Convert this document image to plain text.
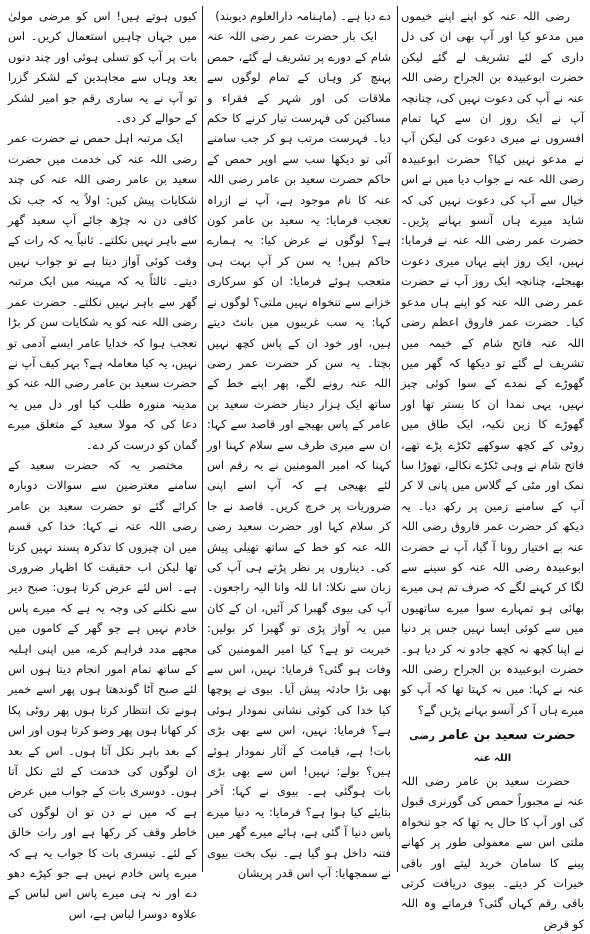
رضی اللہ عنہ کو اپنے اپنے خیموں میں مدعو کیا اور آپ بھی ان کی دل داری کے لئے تشریف لے گئے لیکن حضرت ابوعبیدہ بن الجراح رضی اللہ عنہ نے آپ کی دعوت نہیں کی، چنانچہ آپ نے ایک روز ان سے کہا تمام افسروں نے میری دعوت کی لیکن آپ نے مدعو نہیں کیا؟ حضرت ابوعبیدہ رضی اللہ عنہ نے جواب دیا میں نے اس خیال سے آپ کی دعوت نہیں کی کہ شاید میرے ہاں آنسو بہانے پڑیں۔ حضرت عمر رضی اللہ عنہ نے فرمایا: نہیں، ایک روز اپنے یہاں میری دعوت بھیجئے، چنانچہ ایک روز آپ نے حضرت عمر رضی اللہ عنہ کو اپنے ہاں مدعو کیا۔ حضرت عمر فاروق اعظم رضی اللہ عنہ فاتح شام کے خیمہ میں تشریف لے گئے تو دیکھا کہ گھر میں گھوڑے کے نمدے کے سوا کوئی چیز نہیں، یہی نمدا ان کا بستر تھا اور گھوڑے کا زین تکیہ، ایک طاق میں روٹی کے کچھ سوکھے ٹکڑے پڑے تھے، فاتح شام نے وہی ٹکڑے نکالے، تھوڑا سا نمک اور مٹی کے گلاس میں پانی لا کر آپ کے سامنے زمین پر رکھ دیا۔ یہ دیکھ کر حضرت عمر فاروق رضی اللہ عنہ بے اختیار رونا آ گیا، آپ نے حضرت ابوعبیدہ رضی اللہ عنہ کو سینے سے لگا کر کہنے لگے کہ صرف تم ہی میرے بھائی ہو تمہارے سوا میرے ساتھیوں میں سے کوئی ایسا نہیں جس پر دنیا نے اپنا کچھ نہ کچھ جادو نہ کر دیا ہو۔ حضرت ابوعبیدہ بن الجراح رضی اللہ عنہ نے کہا: میں نہ کہتا تھا کہ آپ کو میرے ہاں آ کر آنسو بہانے پڑیں گے؟

حضرت سعید بن عامر رضی اللہ عنہ

حضرت سعید بن عامر رضی اللہ عنہ نے مجبوراً حمص کی گورنری قبول کی اور آپ کا حال یہ تھا کہ جو تنخواہ ملتی اس سے معمولی طور پر کھانے پینے کا سامان خرید لیتے اور باقی خیرات کر دیتے۔ بیوی دریافت کرتی باقی رقم کہاں گئی؟ فرماتے وہ اللہ کو قرض

دے دیا ہے۔ (ماہنامہ دارالعلوم دیوبند)

ایک بار حضرت عمر رضی اللہ عنہ شام کے دورے پر تشریف لے گئے، حمص پہنچ کر وہاں کے تمام لوگوں سے ملاقات کی اور شہر کے فقراء و مساکین کی فہرست تیار کرنے کا حکم دیا۔ فہرست مرتب ہو کر جب سامنے آئی تو دیکھا سب سے اوپر حمص کے حاکم حضرت سعید بن عامر رضی اللہ عنہ کا نام موجود ہے، آپ نے ازراہ تعجب فرمایا: یہ سعید بن عامر کون ہے؟ لوگوں نے عرض کیا: یہ ہمارے حاکم ہیں! یہ سن کر آپ بہت ہی متعجب ہوئے فرمایا: ان کو سرکاری خزانے سے تنخواہ نہیں ملتی؟ لوگوں نے کہا: یہ سب غریبوں میں بانٹ دیتے ہیں، اور خود ان کے پاس کچھ نہیں بچتا۔ یہ سن کر حضرت عمر رضی اللہ عنہ رونے لگے، پھر اپنے خط کے ساتھ ایک ہزار دینار حضرت سعید بن عامر کے پاس بھیجے اور قاصد سے کہا: ان سے میری طرف سے سلام کہنا اور کہنا کہ امیر المومنین نے یہ رقم اس لئے بھیجی ہے کہ آپ اسے اپنی ضروریات پر خرچ کریں۔ قاصد نے جا کر سلام کہا اور حضرت سعید رضی اللہ عنہ کو خط کے ساتھ تھیلی پیش کی۔ دیناروں پر نظر پڑتے ہی آپ کی زبان سے نکلا: انا للہ وانا الیہ راجعون۔ آپ کی بیوی گھبرا کر آئیں، ان کے کان میں یہ آواز پڑی تو گھبرا کر بولیں: خیریت تو ہے؟ کیا امیر المومنین کی وفات ہو گئی؟ فرمایا: نہیں، اس سے بھی بڑا حادثہ پیش آیا۔ بیوی نے پوچھا کیا خدا کی کوئی نشانی نمودار ہوئی ہے؟ فرمایا: نہیں، اس سے بھی بڑی بات! ہے، قیامت کے آثار نمودار ہوئے ہیں؟ بولے: نہیں! اس سے بھی بڑی بات ہوگئی ہے۔ بیوی نے کہا: آخر بتایئے کیا ہوا ہے؟ فرمایا: یہ دنیا میرے پاس دنیا آ گئی ہے، ہائے میرے گھر میں فتنہ داخل ہو گیا ہے۔ نیک بخت بیوی نے سمجھایا: آپ اس قدر پریشان

کیوں ہوتے ہیں! اس کو مرضی مولیٰ میں جہاں چاہیں استعمال کریں۔ اس بات پر آپ کو تسلی ہوئی اور چند دنوں بعد وہاں سے مجاہدین کے لشکر گزرا تو آپ نے یہ ساری رقم جو امیر لشکر کے حوالے کر دی۔

ایک مرتبہ اہل حمص نے حضرت عمر رضی اللہ عنہ کی خدمت میں حضرت سعید بن عامر رضی اللہ عنہ کی چند شکایات پیش کیں: اولاً یہ کہ جب تک کافی دن نہ چڑھ جائے آپ سعید گھر سے باہر نہیں نکلتے۔ ثانیاً یہ کہ رات کے وقت کوئی آواز دیتا ہے تو جواب نہیں دیتے۔ ثالثاً یہ کہ مہینہ میں ایک مرتبہ گھر سے باہر نہیں نکلتے۔ حضرت عمر رضی اللہ عنہ کو یہ شکایات سن کر بڑا تعجب ہوا کہ خدایا عامر ایسے آدمی تو نہیں، یہ کیا معاملہ ہے؟ بہر کیف آپ نے حضرت سعید بن عامر رضی اللہ عنہ کو مدینہ منورہ طلب کیا اور دل میں یہ دعا کی کہ مولا سعید کے متعلق میرے گمان کو درست کر دے۔

مختصر یہ کہ حضرت سعید کے سامنے معترضین سے سوالات دوبارہ کرائے گئے تو حضرت سعید بن عامر رضی اللہ عنہ نے کہا: خدا کی قسم میں ان چیزوں کا تذکرہ پسند نہیں کرتا تھا لیکن اب حقیقت کا اظہار ضروری ہے۔ اس لئے عرض کرتا ہوں: صبح دیر سے نکلنے کی وجہ یہ ہے کہ میرے پاس خادم نہیں ہے جو گھر کے کاموں میں مجھے مدد فراہم کرے، میں اپنی اہلیہ کے ساتھ تمام امور انجام دیتا ہوں اس لئے صبح آٹا گوندھتا ہوں پھر اسے خمیر ہونے تک انتظار کرتا ہوں پھر روٹی پکا کر کھانا ہوں پھر وضو کرتا ہوں اور اس کے بعد باہر نکل آتا ہوں۔ اس کے بعد ان لوگوں کی خدمت کے لئے نکل آتا ہوں۔ دوسری بات کے جواب میں عرض ہے کہ میں نے دن تو ان لوگوں کی خاطر وقف کر رکھا ہے اور رات خالق کے لئے۔ تیسری بات کا جواب یہ ہے کہ میرے پاس خادم نہیں ہے جو کپڑے دھو دے اور نہ ہی میرے پاس اس لباس کے علاوہ دوسرا لباس ہے، اس
